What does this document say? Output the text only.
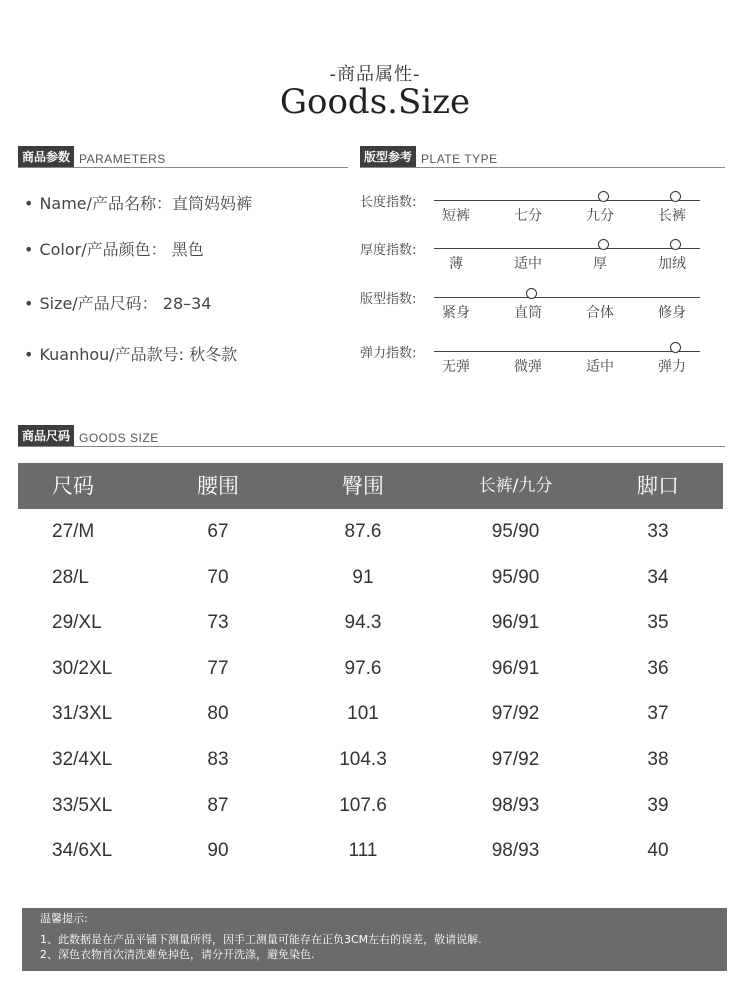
-商品属性-
Goods.Size
商品参数 PARAMETERS	版型参考 PLATE TYPE
• Name/产品名称：直筒妈妈裤
• Color/产品颜色： 黑色
• Size/产品尺码： 28–34
• Kuanhou/产品款号: 秋冬款
长度指数:
短裤	七分	九分	长裤
厚度指数:
薄	适中	厚	加绒
版型指数:
紧身	直筒	合体	修身
弹力指数:
无弹	微弹	适中	弹力
商品尺码 GOODS SIZE
尺码	腰围	臀围	长裤/九分	脚口
27/M	67	87.6	95/90	33
28/L	70	91	95/90	34
29/XL	73	94.3	96/91	35
30/2XL	77	97.6	96/91	36
31/3XL	80	101	97/92	37
32/4XL	83	104.3	97/92	38
33/5XL	87	107.6	98/93	39
34/6XL	90	111	98/93	40
温馨提示:
1、此数据是在产品平铺下测量所得，因手工测量可能存在正负3CM左右的误差，敬请说解.
2、深色衣物首次清洗难免掉色，请分开洗涤，避免染色.
